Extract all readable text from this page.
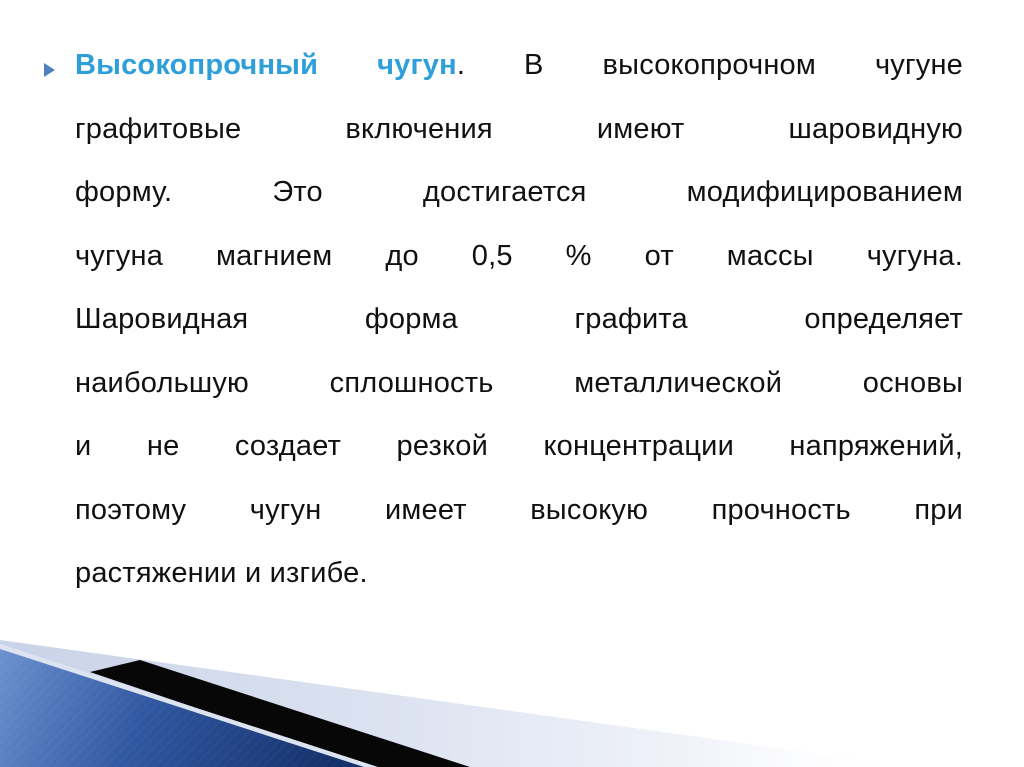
Высокопрочный чугун. В высокопрочном чугуне
графитовые включения имеют шаровидную
форму. Это достигается модифицированием
чугуна магнием до 0,5 % от массы чугуна.
Шаровидная форма графита определяет
наибольшую сплошность металлической основы
и не создает резкой концентрации напряжений,
поэтому чугун имеет высокую прочность при
растяжении и изгибе.
